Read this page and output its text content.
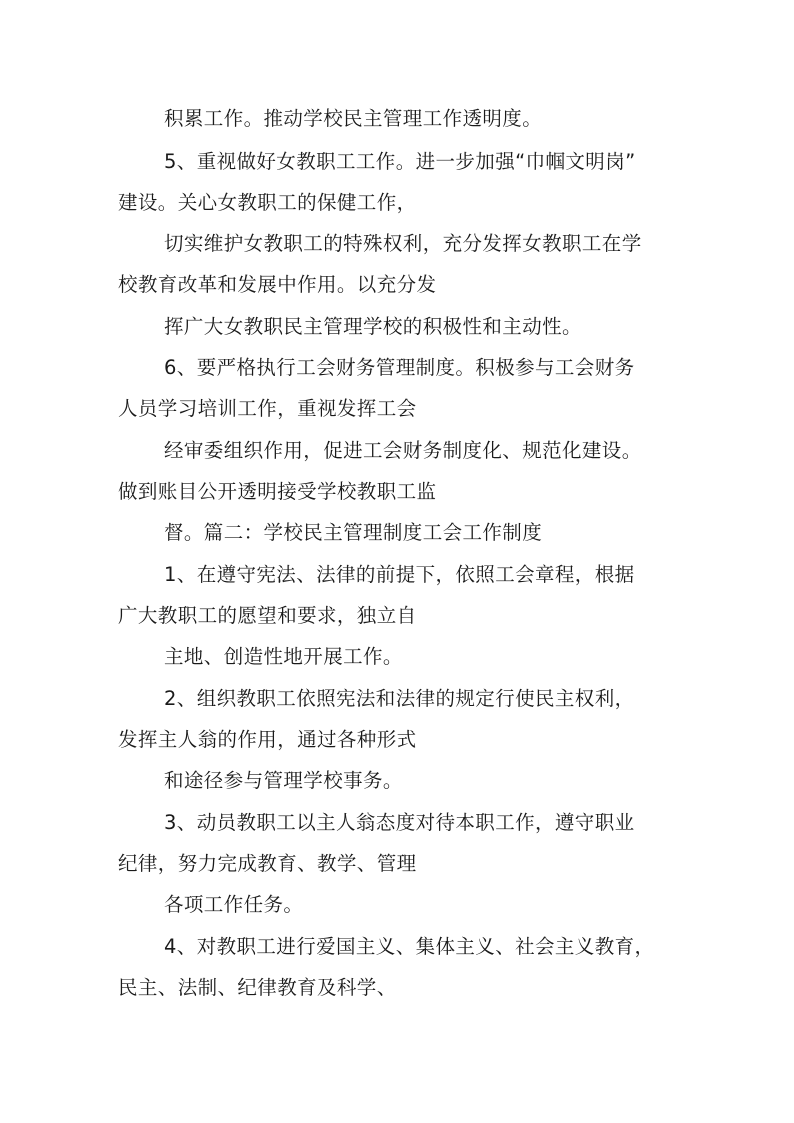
积累工作。推动学校民主管理工作透明度。

5、重视做好女教职工工作。进一步加强“巾帼文明岗”

建设。关心女教职工的保健工作，

切实维护女教职工的特殊权利，充分发挥女教职工在学

校教育改革和发展中作用。以充分发

挥广大女教职民主管理学校的积极性和主动性。

6、要严格执行工会财务管理制度。积极参与工会财务

人员学习培训工作，重视发挥工会

经审委组织作用，促进工会财务制度化、规范化建设。

做到账目公开透明接受学校教职工监

督。篇二：学校民主管理制度工会工作制度

1、在遵守宪法、法律的前提下，依照工会章程，根据

广大教职工的愿望和要求，独立自

主地、创造性地开展工作。

2、组织教职工依照宪法和法律的规定行使民主权利，

发挥主人翁的作用，通过各种形式

和途径参与管理学校事务。

3、动员教职工以主人翁态度对待本职工作，遵守职业

纪律，努力完成教育、教学、管理

各项工作任务。

4、对教职工进行爱国主义、集体主义、社会主义教育，

民主、法制、纪律教育及科学、
